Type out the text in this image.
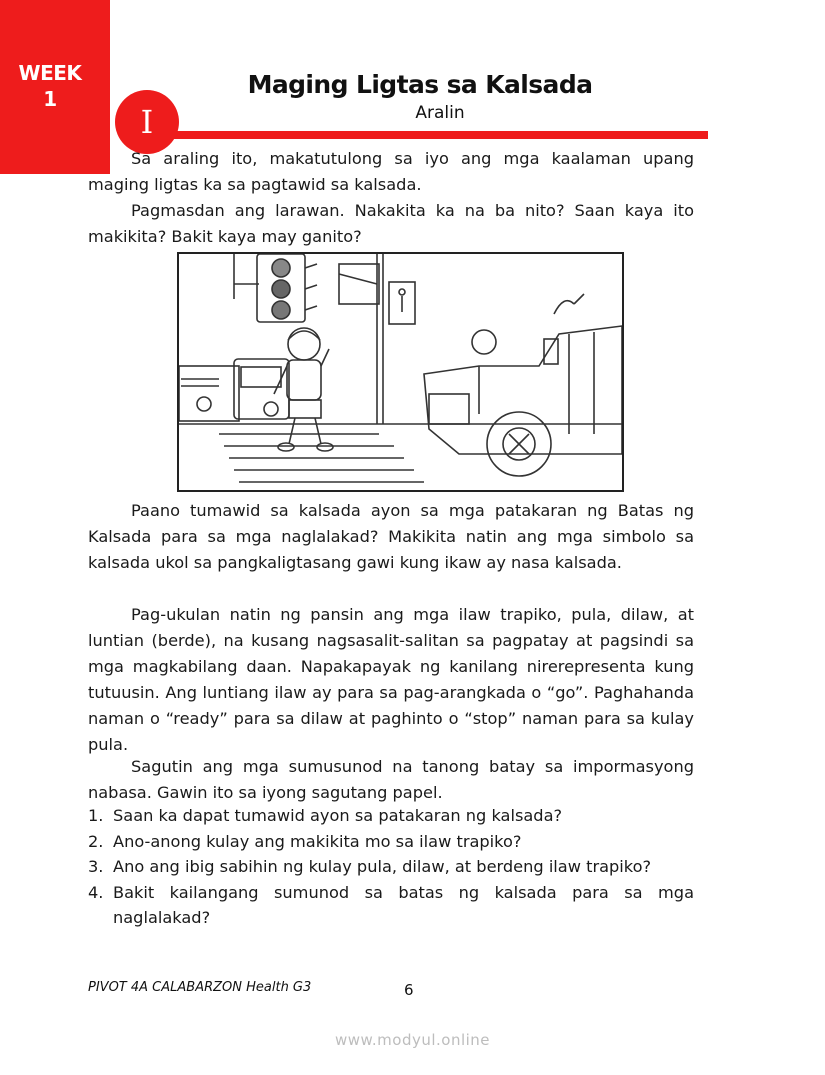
WEEK
1	Maging Ligtas sa Kalsada
Aralin
I

Sa araling ito, makatutulong sa iyo ang mga kaalaman upang maging ligtas ka sa pagtawid sa kalsada.

Pagmasdan ang larawan. Nakakita ka na ba nito? Saan kaya ito makikita? Bakit kaya may ganito?

Paano tumawid sa kalsada ayon sa mga patakaran ng Batas ng Kalsada para sa mga naglalakad? Makikita natin ang mga simbolo sa kalsada ukol sa pangkaligtasang gawi kung ikaw ay nasa kalsada.

Pag-ukulan natin ng pansin ang mga ilaw trapiko, pula, dilaw, at luntian (berde), na kusang nagsasalit-salitan sa pagpatay at pagsindi sa mga magkabilang daan. Napakapayak ng kanilang nirerepresenta kung tutuusin. Ang luntiang ilaw ay para sa pag-arangkada o “go”. Paghahanda naman o “ready” para sa dilaw at paghinto o “stop” naman para sa kulay pula.

Sagutin ang mga sumusunod na tanong batay sa impormasyong nabasa. Gawin ito sa iyong sagutang papel.

1. Saan ka dapat tumawid ayon sa patakaran ng kalsada?
2. Ano-anong kulay ang makikita mo sa ilaw trapiko?
3. Ano ang ibig sabihin ng kulay pula, dilaw, at berdeng ilaw trapiko?
4. Bakit kailangang sumunod sa batas ng kalsada para sa mga naglalakad?
PIVOT 4A CALABARZON Health G3	6
www.modyul.online
